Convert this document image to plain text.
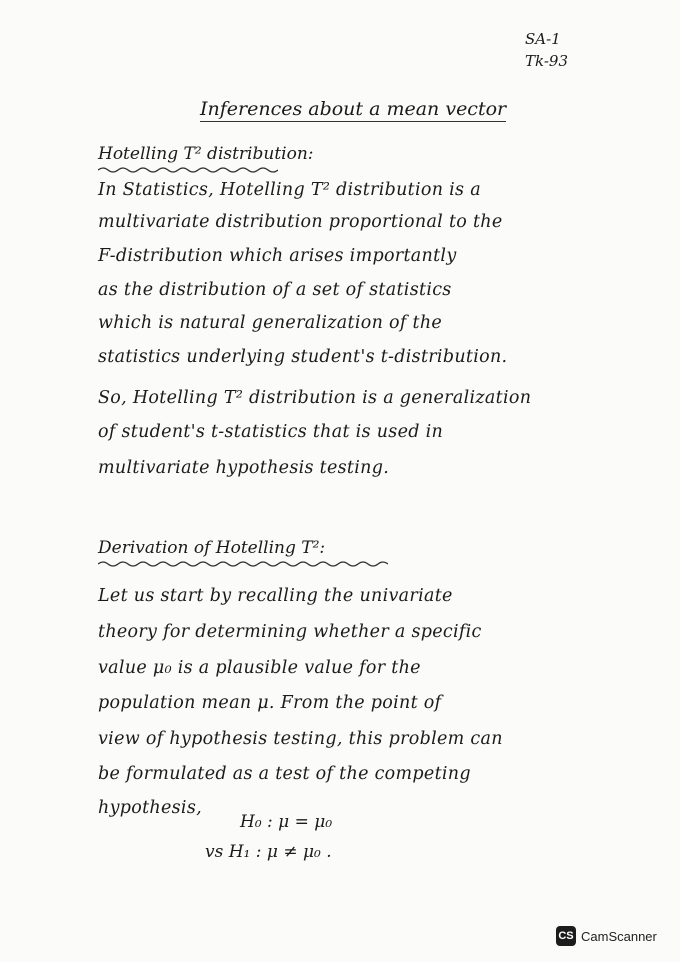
SA-1
Tk-93
Inferences about a mean vector
Hotelling T² distribution:
In Statistics, Hotelling T² distribution is a
multivariate distribution proportional to the
F-distribution which arises importantly
as the distribution of a set of statistics
which is natural generalization of the
statistics underlying student's t-distribution.
So, Hotelling T² distribution is a generalization
of student's t-statistics that is used in
multivariate hypothesis testing.
Derivation of Hotelling T²:
Let us start by recalling the univariate
theory for determining whether a specific
value μ₀ is a plausible value for the
population mean μ. From the point of
view of hypothesis testing, this problem can
be formulated as a test of the competing
hypothesis,
H₀ : μ = μ₀
vs H₁ : μ ≠ μ₀ .
CS CamScanner
